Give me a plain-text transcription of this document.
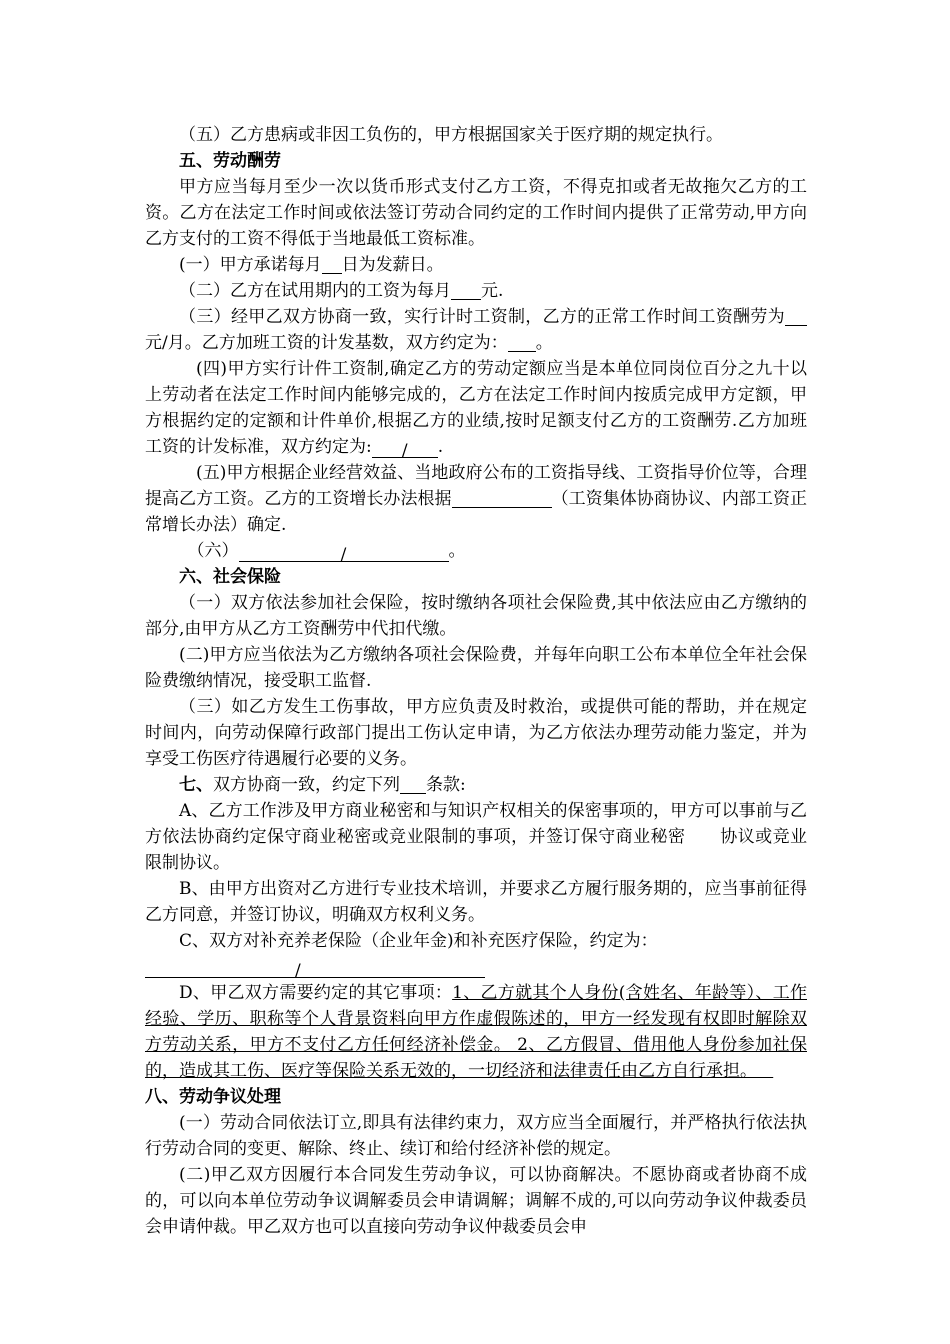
（五）乙方患病或非因工负伤的，甲方根据国家关于医疗期的规定执行。

五、劳动酬劳

甲方应当每月至少一次以货币形式支付乙方工资，不得克扣或者无故拖欠乙方的工资。乙方在法定工作时间或依法签订劳动合同约定的工作时间内提供了正常劳动,甲方向乙方支付的工资不得低于当地最低工资标准。

(一）甲方承诺每月 日为发薪日。

（二）乙方在试用期内的工资为每月 元.

（三）经甲乙双方协商一致，实行计时工资制，乙方的正常工作时间工资酬劳为元/月。乙方加班工资的计发基数，双方约定为： 。

(四)甲方实行计件工资制,确定乙方的劳动定额应当是本单位同岗位百分之九十以上劳动者在法定工作时间内能够完成的，乙方在法定工作时间内按质完成甲方定额，甲方根据约定的定额和计件单价,根据乙方的业绩,按时足额支付乙方的工资酬劳.乙方加班工资的计发标准，双方约定为: / .

(五)甲方根据企业经营效益、当地政府公布的工资指导线、工资指导价位等，合理提高乙方工资。乙方的工资增长办法根据	（工资集体协商协议、内部工资正常增长办法）确定.

（六）	/	。

六、社会保险

（一）双方依法参加社会保险，按时缴纳各项社会保险费,其中依法应由乙方缴纳的部分,由甲方从乙方工资酬劳中代扣代缴。

(二)甲方应当依法为乙方缴纳各项社会保险费，并每年向职工公布本单位全年社会保险费缴纳情况，接受职工监督.

（三）如乙方发生工伤事故，甲方应负责及时救治，或提供可能的帮助，并在规定时间内，向劳动保障行政部门提出工伤认定申请，为乙方依法办理劳动能力鉴定，并为享受工伤医疗待遇履行必要的义务。

七、双方协商一致，约定下列 条款:

A、乙方工作涉及甲方商业秘密和与知识产权相关的保密事项的，甲方可以事前与乙方依法协商约定保守商业秘密或竞业限制的事项，并签订保守商业秘密　　协议或竞业限制协议。

B、由甲方出资对乙方进行专业技术培训，并要求乙方履行服务期的，应当事前征得乙方同意，并签订协议，明确双方权利义务。

C、双方对补充养老保险（企业年金)和补充医疗保险，约定为：

/

D、甲乙双方需要约定的其它事项：1、乙方就其个人身份(含姓名、年龄等）、工作经验、学历、职称等个人背景资料向甲方作虚假陈述的，甲方一经发现有权即时解除双方劳动关系，甲方不支付乙方任何经济补偿金。 2、乙方假冒、借用他人身份参加社保的，造成其工伤、医疗等保险关系无效的，一切经济和法律责任由乙方自行承担。

八、劳动争议处理

(一）劳动合同依法订立,即具有法律约束力，双方应当全面履行，并严格执行依法执行劳动合同的变更、解除、终止、续订和给付经济补偿的规定。

(二)甲乙双方因履行本合同发生劳动争议，可以协商解决。不愿协商或者协商不成的，可以向本单位劳动争议调解委员会申请调解；调解不成的,可以向劳动争议仲裁委员会申请仲裁。甲乙双方也可以直接向劳动争议仲裁委员会申
